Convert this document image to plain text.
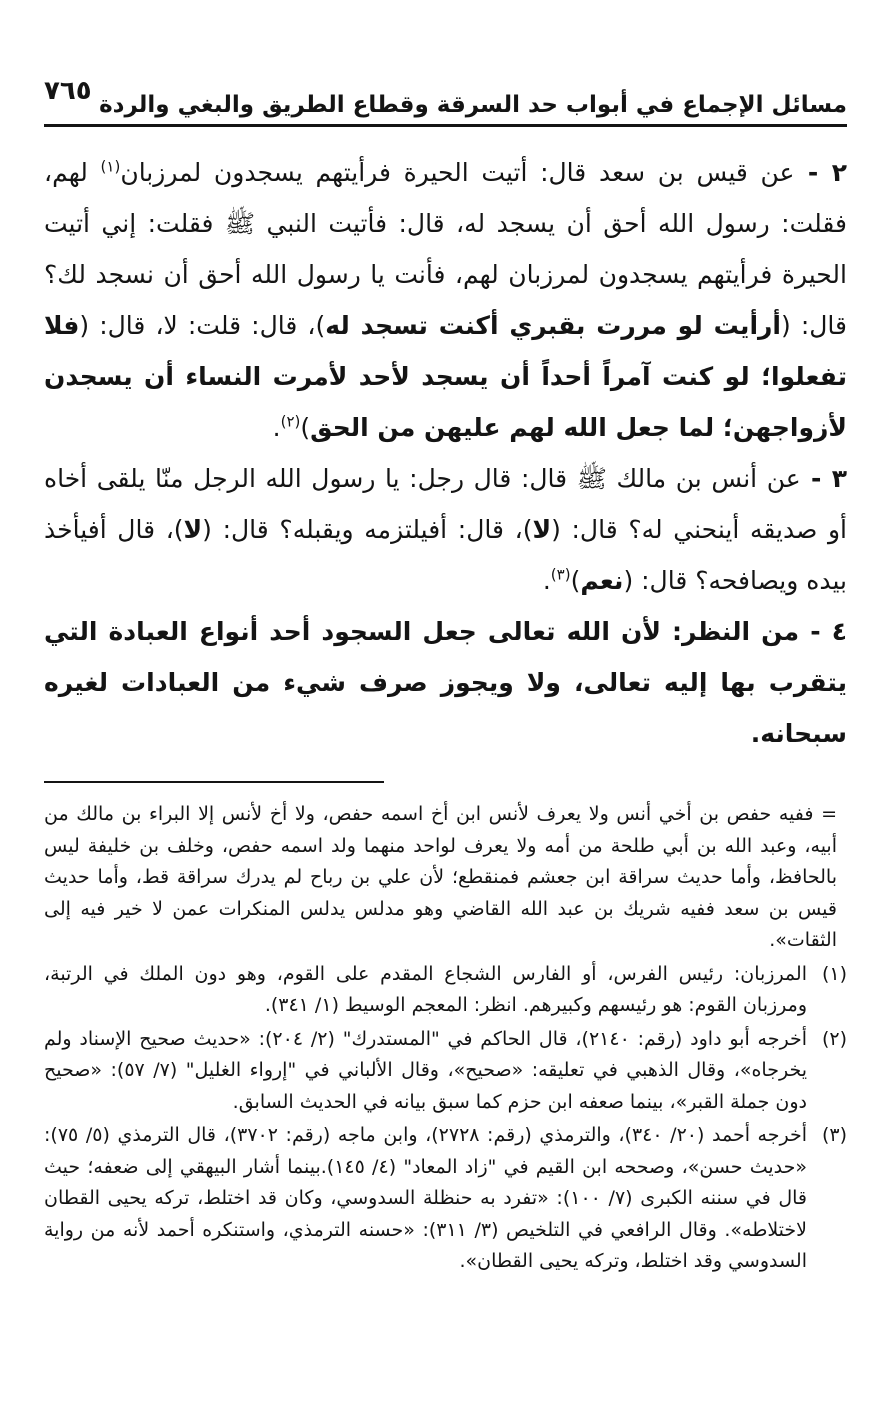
مسائل الإجماع في أبواب حد السرقة وقطاع الطريق والبغي والردة
٧٦٥

٢ - عن قيس بن سعد قال: أتيت الحيرة فرأيتهم يسجدون لمرزبان$^{(١)}$ لهم، فقلت: رسول الله أحق أن يسجد له، قال: فأتيت النبي ﷺ فقلت: إني أتيت الحيرة فرأيتهم يسجدون لمرزبان لهم، فأنت يا رسول الله أحق أن نسجد لك؟ قال: (أرأيت لو مررت بقبري أكنت تسجد له)، قال: قلت: لا، قال: (فلا تفعلوا؛ لو كنت آمراً أحداً أن يسجد لأحد لأمرت النساء أن يسجدن لأزواجهن؛ لما جعل الله لهم عليهن من الحق)$^{(٢)}$.

٣ - عن أنس بن مالك ﷺ قال: قال رجل: يا رسول الله الرجل منّا يلقى أخاه أو صديقه أينحني له؟ قال: (لا)، قال: أفيلتزمه ويقبله؟ قال: (لا)، قال أفيأخذ بيده ويصافحه؟ قال: (نعم)$^{(٣)}$.

٤ - من النظر: لأن الله تعالى جعل السجود أحد أنواع العبادة التي يتقرب بها إليه تعالى، ولا ويجوز صرف شيء من العبادات لغيره سبحانه.

= ففيه حفص بن أخي أنس ولا يعرف لأنس ابن أخ اسمه حفص، ولا أخ لأنس إلا البراء بن مالك من أبيه، وعبد الله بن أبي طلحة من أمه ولا يعرف لواحد منهما ولد اسمه حفص، وخلف بن خليفة ليس بالحافظ، وأما حديث سراقة ابن جعشم فمنقطع؛ لأن علي بن رباح لم يدرك سراقة قط، وأما حديث قيس بن سعد ففيه شريك بن عبد الله القاضي وهو مدلس يدلس المنكرات عمن لا خير فيه إلى الثقات».

(١)
المرزبان: رئيس الفرس، أو الفارس الشجاع المقدم على القوم، وهو دون الملك في الرتبة، ومرزبان القوم: هو رئيسهم وكبيرهم. انظر: المعجم الوسيط (١/ ٣٤١).
(٢)
أخرجه أبو داود (رقم: ٢١٤٠)، قال الحاكم في "المستدرك" (٢/ ٢٠٤): «حديث صحيح الإسناد ولم يخرجاه»، وقال الذهبي في تعليقه: «صحيح»، وقال الألباني في "إرواء الغليل" (٧/ ٥٧): «صحيح دون جملة القبر»، بينما صعفه ابن حزم كما سبق بيانه في الحديث السابق.
(٣)
أخرجه أحمد (٢٠/ ٣٤٠)، والترمذي (رقم: ٢٧٢٨)، وابن ماجه (رقم: ٣٧٠٢)، قال الترمذي (٥/ ٧٥): «حديث حسن»، وصححه ابن القيم في "زاد المعاد" (٤/ ١٤٥).بينما أشار البيهقي إلى ضعفه؛ حيث قال في سننه الكبرى (٧/ ١٠٠): «تفرد به حنظلة السدوسي، وكان قد اختلط، تركه يحيى القطان لاختلاطه». وقال الرافعي في التلخيص (٣/ ٣١١): «حسنه الترمذي، واستنكره أحمد لأنه من رواية السدوسي وقد اختلط، وتركه يحيى القطان».
